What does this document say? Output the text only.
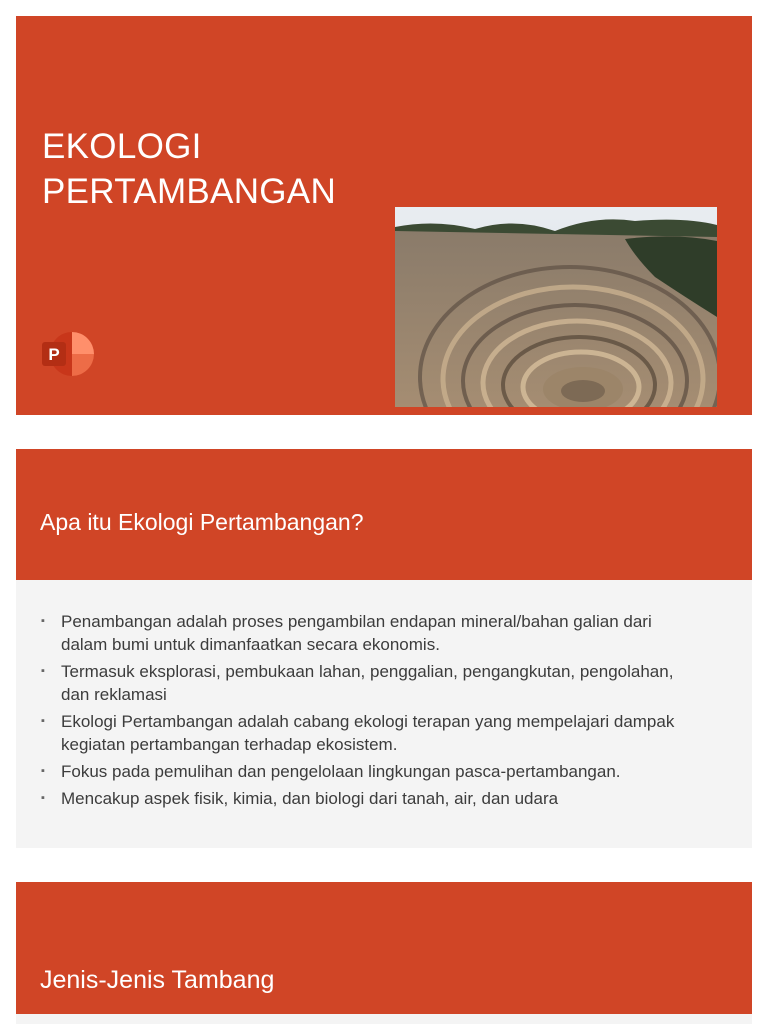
EKOLOGI
PERTAMBANGAN
P
Apa itu Ekologi Pertambangan?
▪ Penambangan adalah proses pengambilan endapan mineral/bahan galian dari dalam bumi untuk dimanfaatkan secara ekonomis.
▪ Termasuk eksplorasi, pembukaan lahan, penggalian, pengangkutan, pengolahan, dan reklamasi
▪ Ekologi Pertambangan adalah cabang ekologi terapan yang mempelajari dampak kegiatan pertambangan terhadap ekosistem.
▪ Fokus pada pemulihan dan pengelolaan lingkungan pasca-pertambangan.
▪ Mencakup aspek fisik, kimia, dan biologi dari tanah, air, dan udara
Jenis-Jenis Tambang
